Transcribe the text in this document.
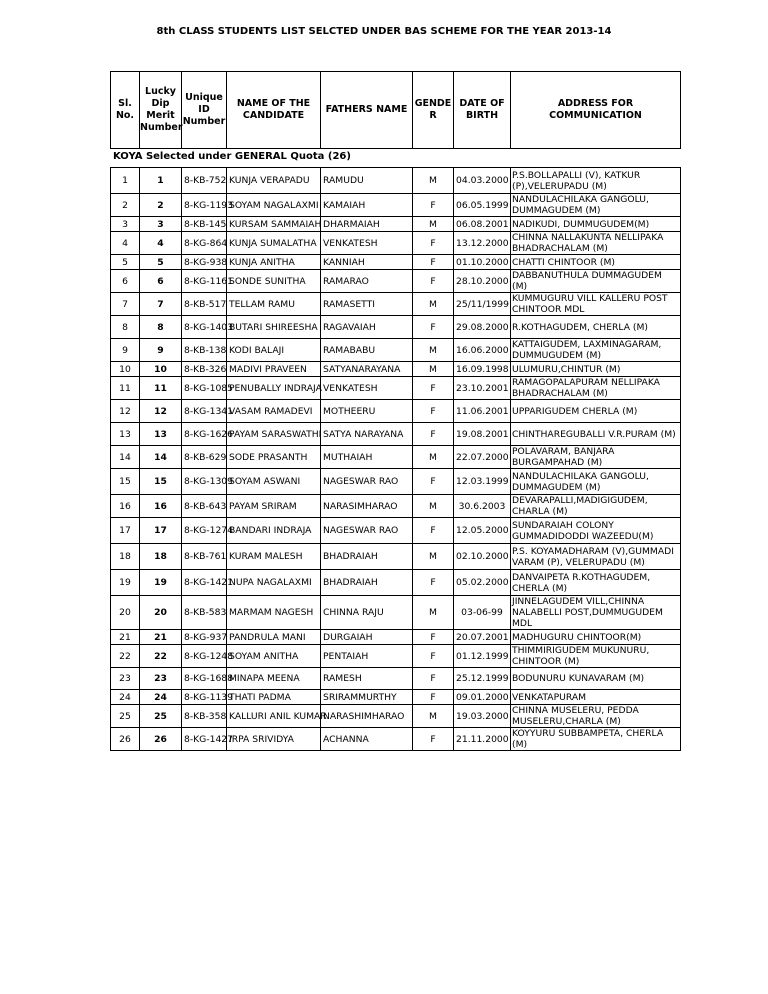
8th CLASS STUDENTS LIST SELCTED UNDER BAS SCHEME FOR THE YEAR 2013-14
Sl. No.	Lucky Dip Merit Number	Unique ID Number	NAME OF THE CANDIDATE	FATHERS NAME	GENDE R	DATE OF BIRTH	ADDRESS FOR COMMUNICATION
KOYA Selected under GENERAL Quota (26)
1	1	8-KB-752	KUNJA VERAPADU	RAMUDU	M	04.03.2000	P.S.BOLLAPALLI (V), KATKUR (P),VELERUPADU (M)
2	2	8-KG-1193	SOYAM NAGALAXMI	KAMAIAH	F	06.05.1999	NANDULACHILAKA GANGOLU, DUMMAGUDEM (M)
3	3	8-KB-145	KURSAM SAMMAIAH	DHARMAIAH	M	06.08.2001	NADIKUDI, DUMMUGUDEM(M)
4	4	8-KG-864	KUNJA SUMALATHA	VENKATESH	F	13.12.2000	CHINNA NALLAKUNTA NELLIPAKA BHADRACHALAM (M)
5	5	8-KG-938	KUNJA ANITHA	KANNIAH	F	01.10.2000	CHATTI CHINTOOR (M)
6	6	8-KG-1161	SONDE SUNITHA	RAMARAO	F	28.10.2000	DABBANUTHULA DUMMAGUDEM (M)
7	7	8-KB-517	TELLAM RAMU	RAMASETTI	M	25/11/1999	KUMMUGURU VILL KALLERU POST CHINTOOR MDL
8	8	8-KG-1403	BUTARI SHIREESHA	RAGAVAIAH	F	29.08.2000	R.KOTHAGUDEM, CHERLA (M)
9	9	8-KB-138	KODI BALAJI	RAMABABU	M	16.06.2000 `	KATTAIGUDEM, LAXMINAGARAM, DUMMUGUDEM (M)
10	10	8-KB-326	MADIVI PRAVEEN	SATYANARAYANA	M	16.09.1998	ULUMURU,CHINTUR (M)
11	11	8-KG-1085	PENUBALLY INDRAJA	VENKATESH	F	23.10.2001	RAMAGOPALAPURAM NELLIPAKA BHADRACHALAM (M)
12	12	8-KG-1341	VASAM RAMADEVI	MOTHEERU	F	11.06.2001	UPPARIGUDEM CHERLA (M)
13	13	8-KG-1626	PAYAM SARASWATHI	SATYA NARAYANA	F	19.08.2001	CHINTHAREGUBALLI V.R.PURAM (M)
14	14	8-KB-629	SODE PRASANTH	MUTHAIAH	M	22.07.2000	POLAVARAM, BANJARA BURGAMPAHAD (M)
15	15	8-KG-1309	SOYAM ASWANI	NAGESWAR RAO	F	12.03.1999	NANDULACHILAKA GANGOLU, DUMMAGUDEM (M)
16	16	8-KB-643	PAYAM SRIRAM	NARASIMHARAO	M	30.6.2003	DEVARAPALLI,MADIGIGUDEM, CHARLA (M)
17	17	8-KG-1274	BANDARI INDRAJA	NAGESWAR RAO	F	12.05.2000	SUNDARAIAH COLONY GUMMADIDODDI WAZEEDU(M)
18	18	8-KB-761	KURAM MALESH	BHADRAIAH	M	02.10.2000	P.S. KOYAMADHARAM (V),GUMMADI VARAM (P), VELERUPADU (M)
19	19	8-KG-1421	NUPA NAGALAXMI	BHADRAIAH	F	05.02.2000	DANVAIPETA R.KOTHAGUDEM, CHERLA (M)
20	20	8-KB-583	MARMAM NAGESH	CHINNA RAJU	M	03-06-99	JINNELAGUDEM VILL,CHINNA NALABELLI POST,DUMMUGUDEM MDL
21	21	8-KG-937	PANDRULA MANI	DURGAIAH	F	20.07.2001	MADHUGURU CHINTOOR(M)
22	22	8-KG-1248	SOYAM ANITHA	PENTAIAH	F	01.12.1999	THIMMIRIGUDEM MUKUNURU, CHINTOOR (M)
23	23	8-KG-1688	MINAPA MEENA	RAMESH	F	25.12.1999	BODUNURU KUNAVARAM (M)
24	24	8-KG-1139	THATI PADMA	SRIRAMMURTHY	F	09.01.2000	VENKATAPURAM
25	25	8-KB-358	KALLURI ANIL KUMAR	NARASHIMHARAO	M	19.03.2000	CHINNA MUSELERU, PEDDA MUSELERU,CHARLA (M)
26	26	8-KG-1427	IRPA SRIVIDYA	ACHANNA	F	21.11.2000	KOYYURU SUBBAMPETA, CHERLA (M)
